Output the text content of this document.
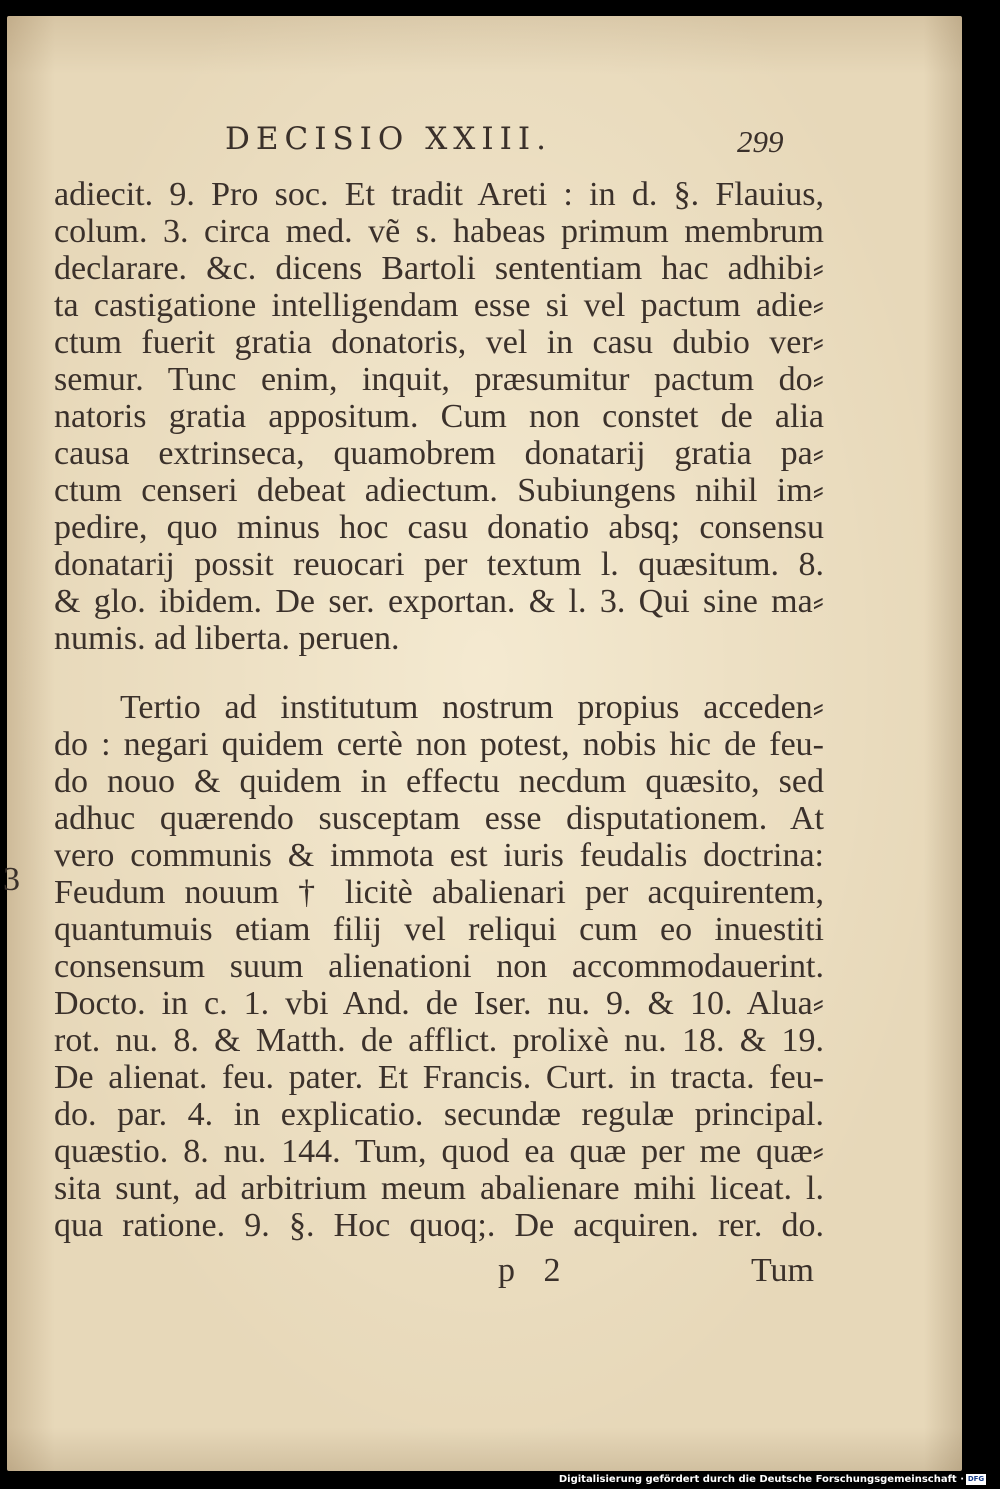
DECISIO XXIII.	299
adiecit. 9. Pro soc. Et tradit Areti : in d. §. Flauius,
colum. 3. circa med. vẽ s. habeas primum membrum
declarare. &c. dicens Bartoli sententiam hac adhibi⸗
ta castigatione intelligendam esse si vel pactum adie⸗
ctum fuerit gratia donatoris, vel in casu dubio ver⸗
semur. Tunc enim, inquit, præsumitur pactum do⸗
natoris gratia appositum. Cum non constet de alia
causa extrinseca, quamobrem donatarij gratia pa⸗
ctum censeri debeat adiectum. Subiungens nihil im⸗
pedire, quo minus hoc casu donatio absq; consensu
donatarij possit reuocari per textum l. quæsitum. 8.
& glo. ibidem. De ser. exportan. & l. 3. Qui sine ma⸗
numis. ad liberta. peruen.
Tertio ad institutum nostrum propius acceden⸗
do : negari quidem certè non potest, nobis hic de feu-
do nouo & quidem in effectu necdum quæsito, sed
adhuc quærendo susceptam esse disputationem. At
vero communis & immota est iuris feudalis doctrina:
Feudum nouum † licitè abalienari per acquirentem,
quantumuis etiam filij vel reliqui cum eo inuestiti
consensum suum alienationi non accommodauerint.
Docto. in c. 1. vbi And. de Iser. nu. 9. & 10. Alua⸗
rot. nu. 8. & Matth. de afflict. prolixè nu. 18. & 19.
De alienat. feu. pater. Et Francis. Curt. in tracta. feu-
do. par. 4. in explicatio. secundæ regulæ principal.
quæstio. 8. nu. 144. Tum, quod ea quæ per me quæ⸗
sita sunt, ad arbitrium meum abalienare mihi liceat. l.
qua ratione. 9. §. Hoc quoq;. De acquiren. rer. do.
p 2	Tum
3
Digitalisierung gefördert durch die Deutsche Forschungsgemeinschaft · DFG
